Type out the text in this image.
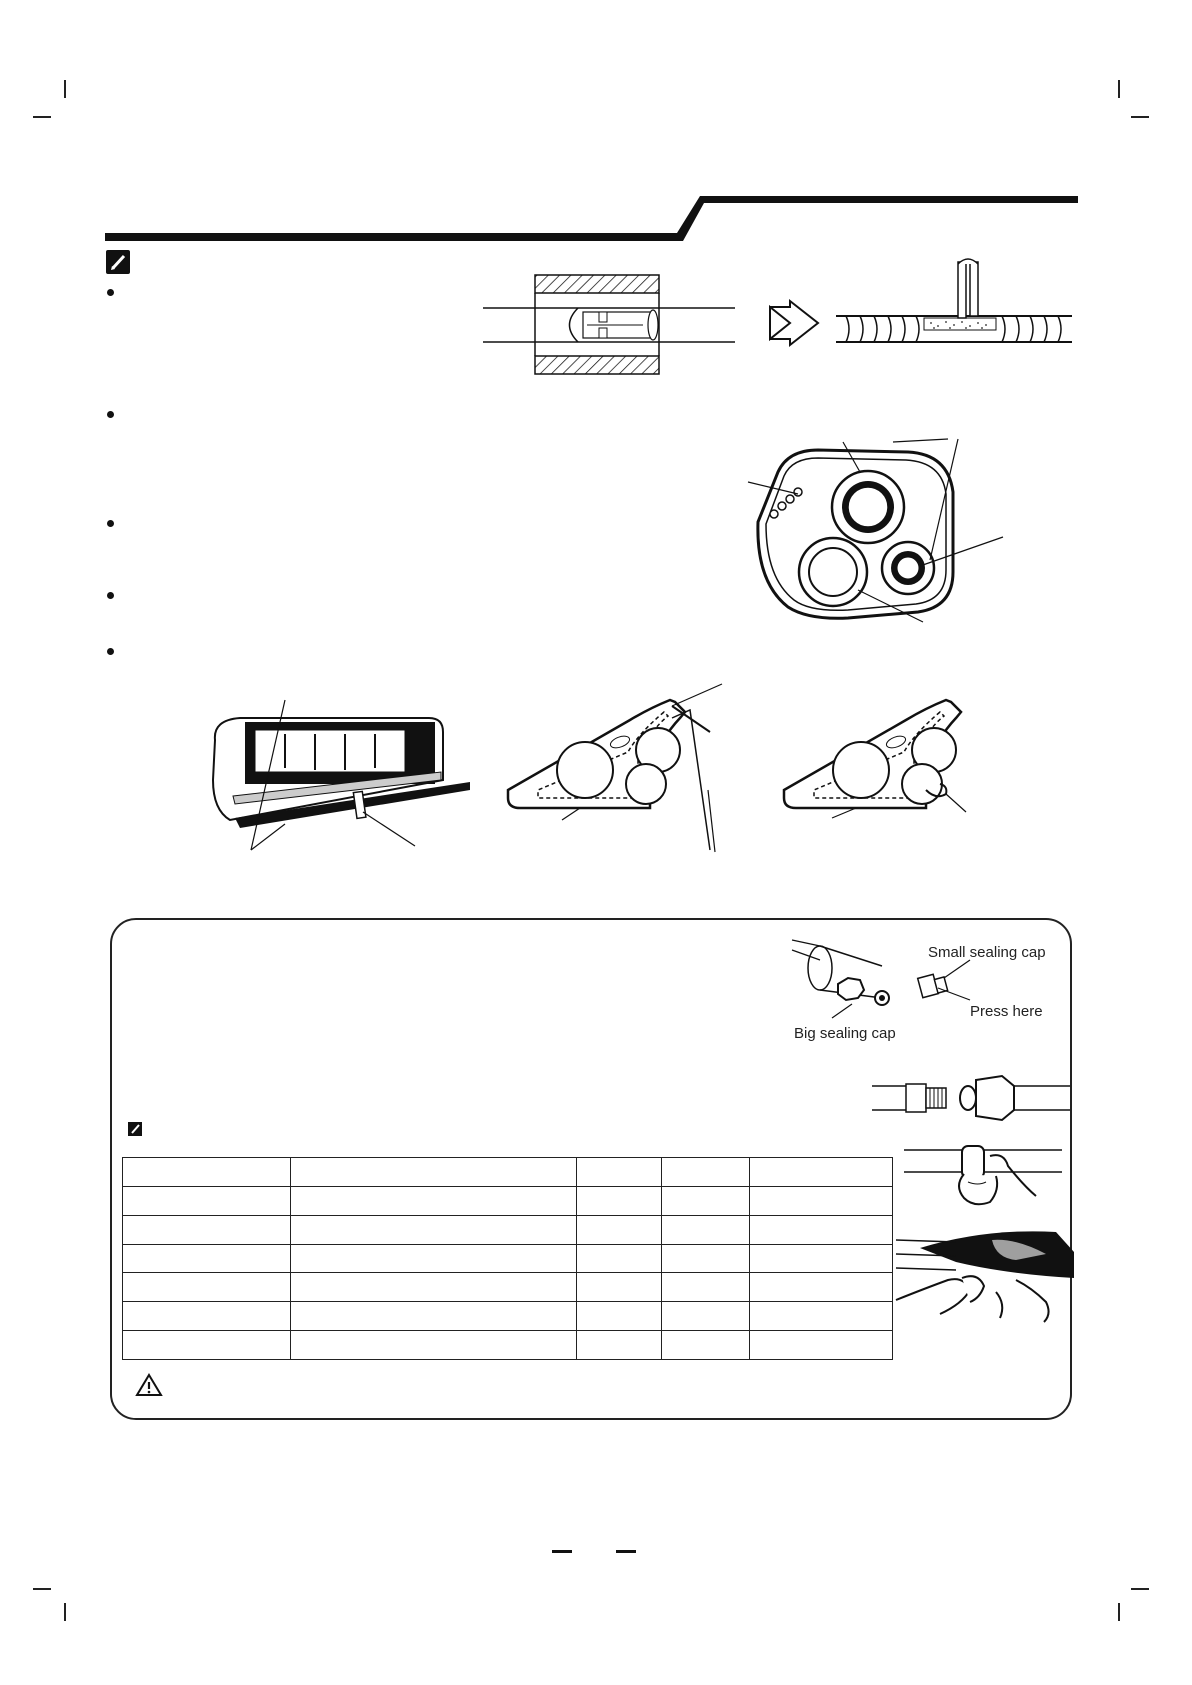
Small sealing cap
Press here
Big sealing cap
